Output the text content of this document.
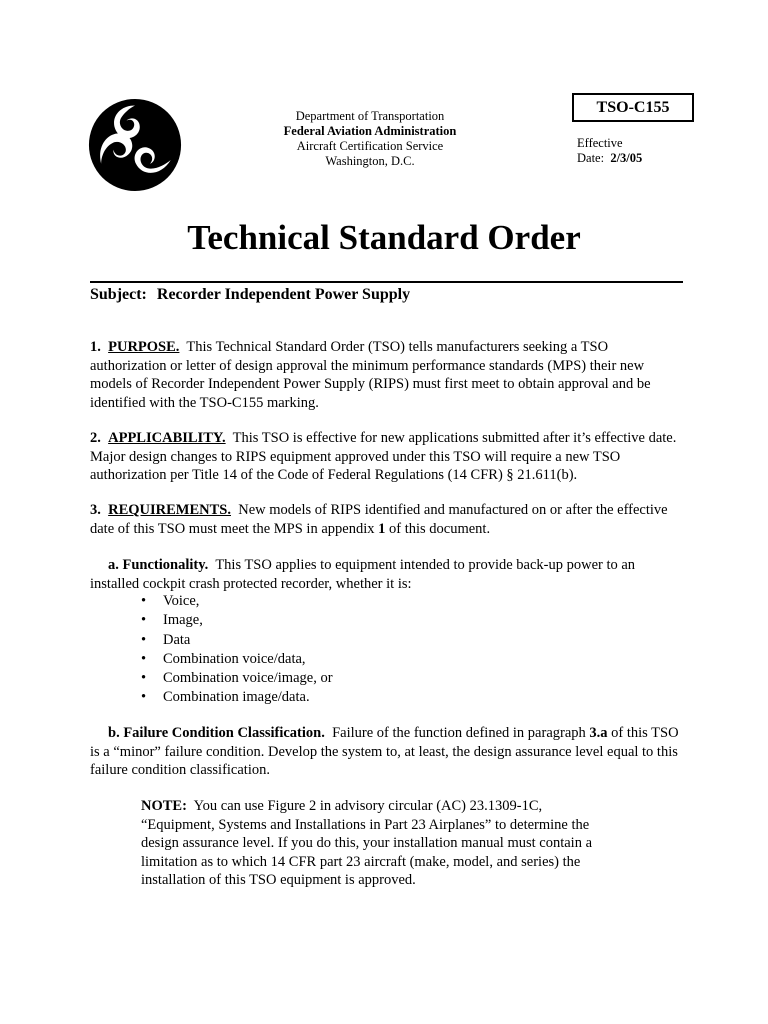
Department of Transportation
Federal Aviation Administration
Aircraft Certification Service
Washington, D.C.
TSO-C155
Effective
Date: 2/3/05
Technical Standard Order
Subject: Recorder Independent Power Supply
1. PURPOSE. This Technical Standard Order (TSO) tells manufacturers seeking a TSO authorization or letter of design approval the minimum performance standards (MPS) their new models of Recorder Independent Power Supply (RIPS) must first meet to obtain approval and be identified with the TSO-C155 marking.
2. APPLICABILITY. This TSO is effective for new applications submitted after it’s effective date. Major design changes to RIPS equipment approved under this TSO will require a new TSO authorization per Title 14 of the Code of Federal Regulations (14 CFR) § 21.611(b).
3. REQUIREMENTS. New models of RIPS identified and manufactured on or after the effective date of this TSO must meet the MPS in appendix 1 of this document.
a. Functionality. This TSO applies to equipment intended to provide back-up power to an installed cockpit crash protected recorder, whether it is:
• Voice,
• Image,
• Data
• Combination voice/data,
• Combination voice/image, or
• Combination image/data.
b. Failure Condition Classification. Failure of the function defined in paragraph 3.a of this TSO is a “minor” failure condition. Develop the system to, at least, the design assurance level equal to this failure condition classification.
NOTE: You can use Figure 2 in advisory circular (AC) 23.1309-1C, “Equipment, Systems and Installations in Part 23 Airplanes” to determine the design assurance level. If you do this, your installation manual must contain a limitation as to which 14 CFR part 23 aircraft (make, model, and series) the installation of this TSO equipment is approved.
